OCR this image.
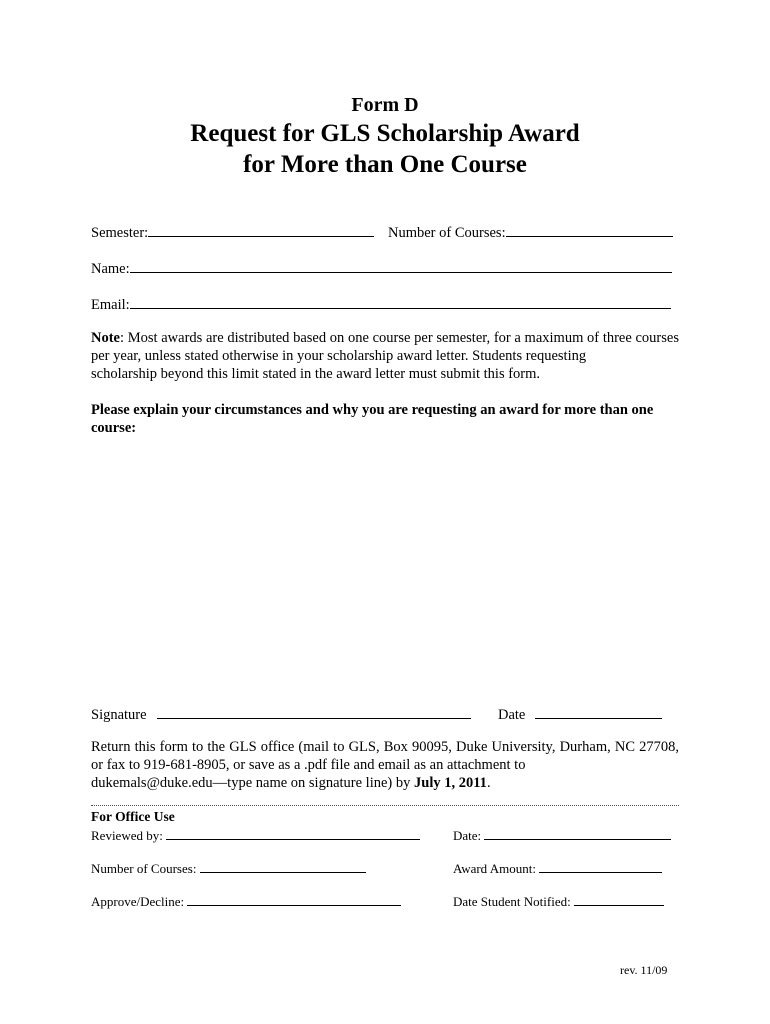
Form D
Request for GLS Scholarship Award
for More than One Course
Semester:	Number of Courses:
Name:
Email:
Note: Most awards are distributed based on one course per semester, for a maximum of three courses per year, unless stated otherwise in your scholarship award letter. Students requesting
scholarship beyond this limit stated in the award letter must submit this form.
Please explain your circumstances and why you are requesting an award for more than one
course:
Signature	Date
Return this form to the GLS office (mail to GLS, Box 90095, Duke University, Durham, NC 27708, or fax to 919-681-8905, or save as a .pdf file and email as an attachment to
dukemals@duke.edu—type name on signature line) by July 1, 2011.
For Office Use
Reviewed by:	Date:
Number of Courses:	Award Amount:
Approve/Decline:	Date Student Notified:
rev. 11/09
